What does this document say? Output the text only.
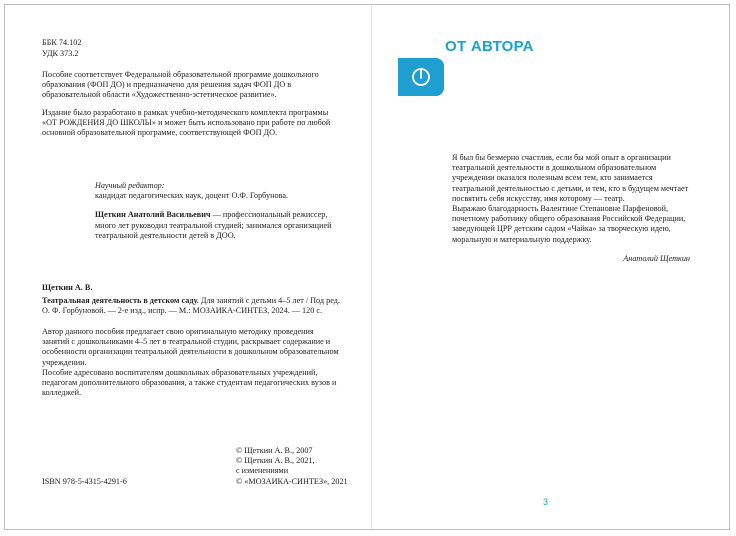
ББК 74.102

УДК 373.2

Пособие соответствует Федеральной образовательной программе дошкольного образования (ФОП ДО) и предназначено для решения задач ФОП ДО в образовательной области «Художественно-эстетическое развитие».

Издание было разработано в рамках учебно-методического комплекта программы «ОТ РОЖДЕНИЯ ДО ШКОЛЫ» и может быть использовано при работе по любой основной образовательной программе, соответствующей ФОП ДО.

Научный редактор:

кандидат педагогических наук, доцент О.Ф. Горбунова.

Щеткин Анатолий Васильевич — профессиональный режиссер, много лет руководил театральной студией; занимался организацией театральной деятельности детей в ДОО.

Щеткин А. В.

Театральная деятельность в детском саду. Для занятий с детьми 4–5 лет / Под ред. О. Ф. Горбуновой. — 2-е изд., испр. — М.: МОЗАИКА-СИНТЕЗ, 2024. — 120 с.

Автор данного пособия предлагает свою оригинальную методику проведения занятий с дошкольниками 4–5 лет в театральной студии, раскрывает содержание и особенности организации театральной деятельности в дошкольном образовательном учреждении.

Пособие адресовано воспитателям дошкольных образовательных учреждений, педагогам дополнительного образования, а также студентам педагогических вузов и колледжей.

© Щеткин А. В., 2007

© Щеткин А. В., 2021,

с изменениями

© «МОЗАИКА-СИНТЕЗ», 2021

ISBN 978-5-4315-4291-6

ОТ АВТОРА

Я был бы безмерно счастлив, если бы мой опыт в организации театральной деятельности в дошкольном образовательном учреждении оказался полезным всем тем, кто занимается театральной деятельностью с детьми, и тем, кто в будущем мечтает посвятить себя искусству, имя которому — театр.

Выражаю благодарность Валентине Степановне Парфеновой, почетному работнику общего образования Российской Федерации, заведующей ЦРР детским садом «Чайка» за творческую идею, моральную и материальную поддержку.

Анатолий Щеткин

3
